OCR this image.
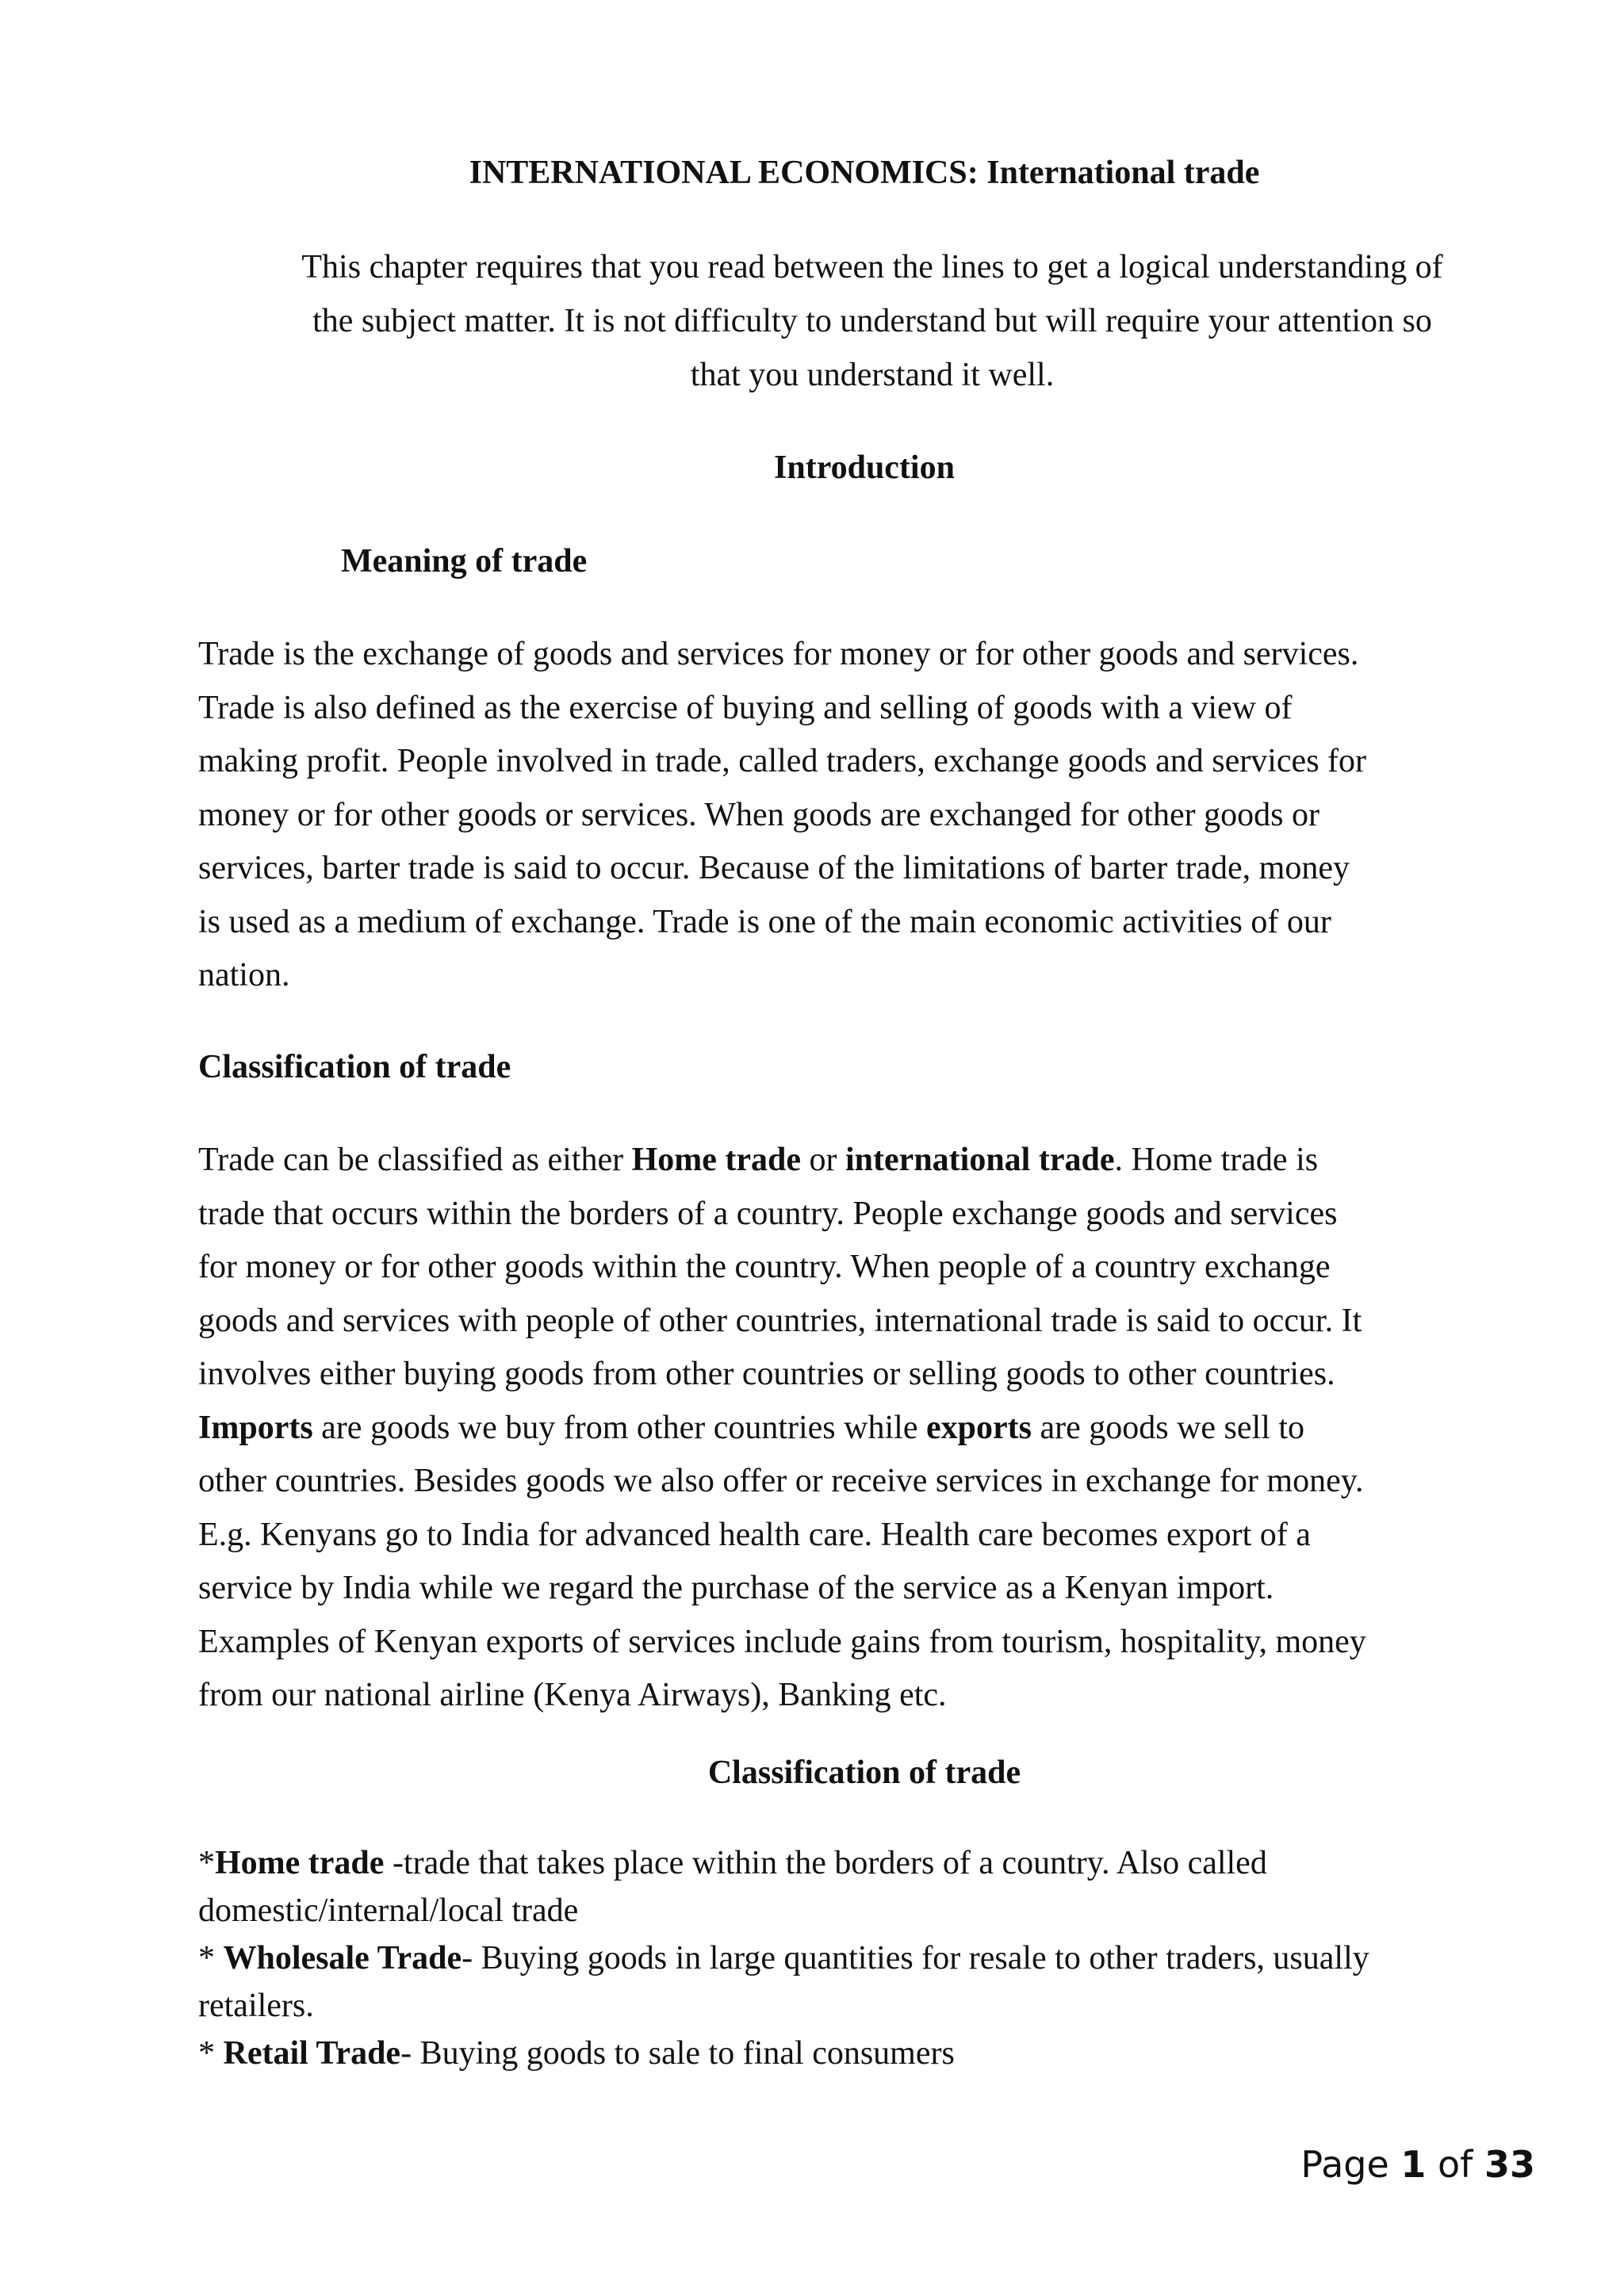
INTERNATIONAL ECONOMICS: International trade
This chapter requires that you read between the lines to get a logical understanding of
the subject matter. It is not difficulty to understand but will require your attention so
that you understand it well.
Introduction
Meaning of trade
Trade is the exchange of goods and services for money or for other goods and services.
Trade is also defined as the exercise of buying and selling of goods with a view of
making profit. People involved in trade, called traders, exchange goods and services for
money or for other goods or services. When goods are exchanged for other goods or
services, barter trade is said to occur. Because of the limitations of barter trade, money
is used as a medium of exchange. Trade is one of the main economic activities of our
nation.
Classification of trade
Trade can be classified as either Home trade or international trade. Home trade is
trade that occurs within the borders of a country. People exchange goods and services
for money or for other goods within the country. When people of a country exchange
goods and services with people of other countries, international trade is said to occur. It
involves either buying goods from other countries or selling goods to other countries.
Imports are goods we buy from other countries while exports are goods we sell to
other countries. Besides goods we also offer or receive services in exchange for money.
E.g. Kenyans go to India for advanced health care. Health care becomes export of a
service by India while we regard the purchase of the service as a Kenyan import.
Examples of Kenyan exports of services include gains from tourism, hospitality, money
from our national airline (Kenya Airways), Banking etc.
Classification of trade
*Home trade -trade that takes place within the borders of a country. Also called
domestic/internal/local trade
* Wholesale Trade- Buying goods in large quantities for resale to other traders, usually
retailers.
* Retail Trade- Buying goods to sale to final consumers
Page 1 of 33
